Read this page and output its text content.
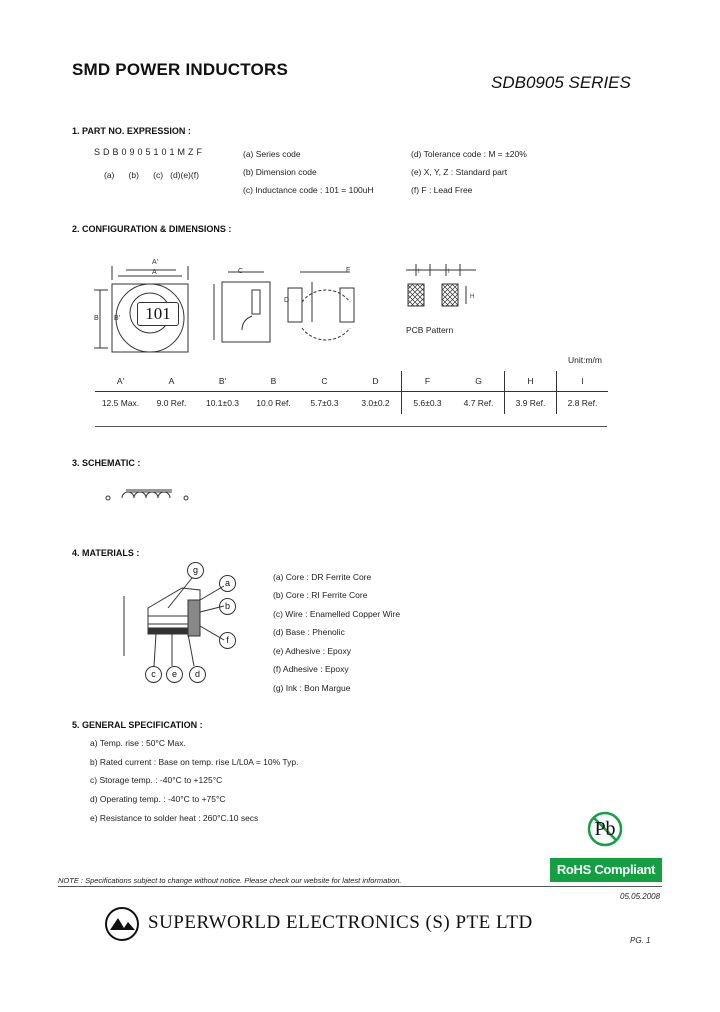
SMD POWER INDUCTORS
SDB0905 SERIES
1. PART NO. EXPRESSION :
SDB0905101MZF
(a)      (b)      (c)   (d)(e)(f)
(a) Series code
(b) Dimension code
(c) Inductance code : 101 = 100uH
(d) Tolerance code : M = ±20%
(e) X, Y, Z : Standard part
(f) F : Lead Free
2. CONFIGURATION & DIMENSIONS :
A'
A
B B'	101
C	F
D
I	I
H
PCB Pattern
Unit:m/m
A'	A	B'	B	C	D	F	G	H	I
12.5 Max.	9.0 Ref.	10.1±0.3	10.0 Ref.	5.7±0.3	3.0±0.2	5.6±0.3	4.7 Ref.	3.9 Ref.	2.8 Ref.
3. SCHEMATIC :
4. MATERIALS :
g
a
b
f
c	e	d
(a) Core : DR Ferrite Core
(b) Core : RI Ferrite Core
(c) Wire : Enamelled Copper Wire
(d) Base : Phenolic
(e) Adhesive : Epoxy
(f) Adhesive : Epoxy
(g) Ink : Bon Margue
5. GENERAL SPECIFICATION :
a) Temp. rise : 50°C Max.
b) Rated current : Base on temp. rise L/L0A = 10% Typ.
c) Storage temp. : -40°C to +125°C
d) Operating temp. : -40°C to +75°C
e) Resistance to solder heat : 260°C.10 secs	Pb
RoHS Compliant
NOTE : Specifications subject to change without notice. Please check our website for latest information.
05.05.2008
SUPERWORLD ELECTRONICS (S) PTE LTD
PG. 1
